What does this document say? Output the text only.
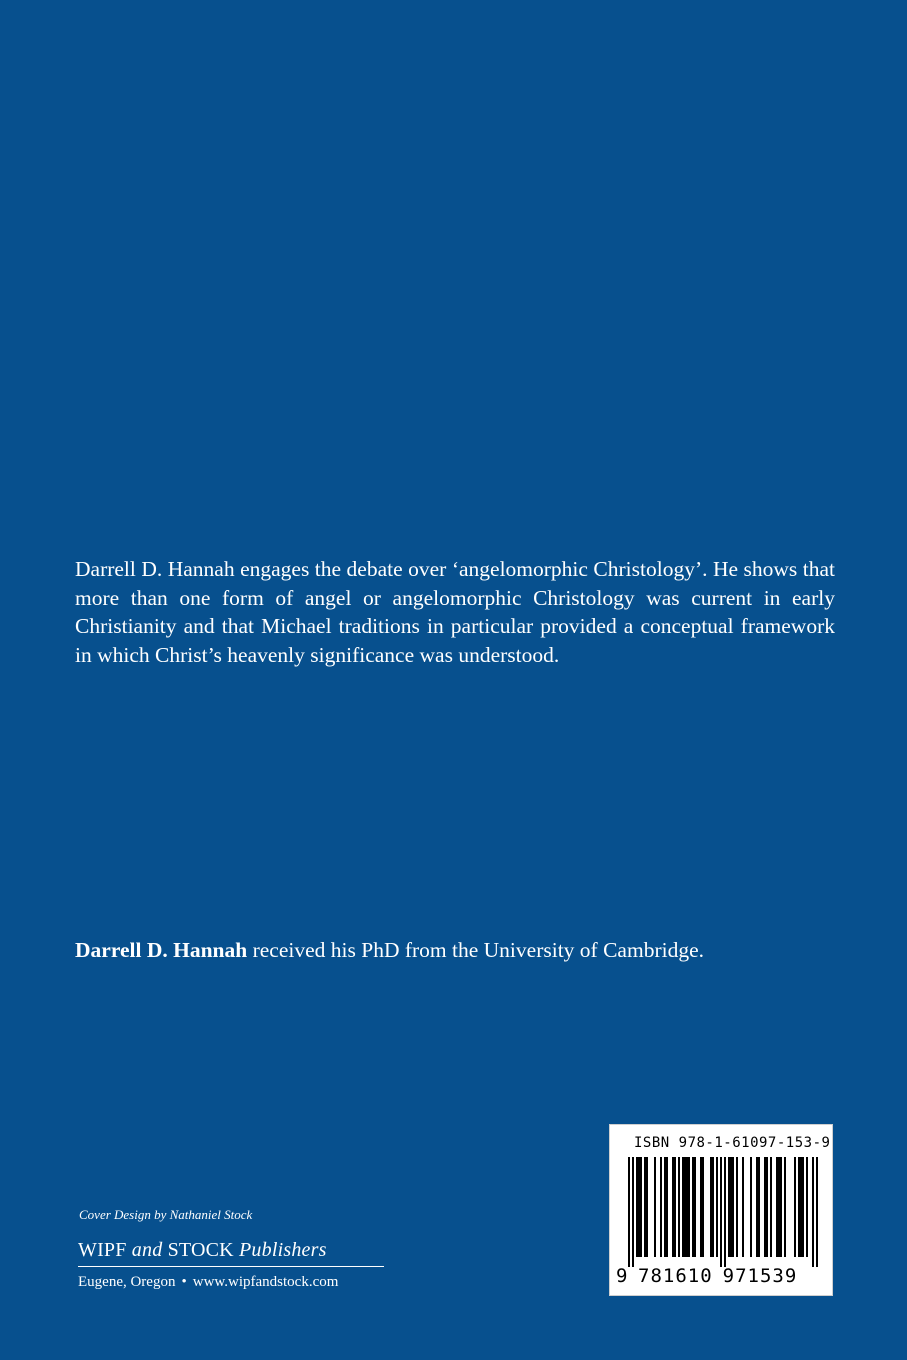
Darrell D. Hannah engages the debate over ‘angelomorphic Christology’. He shows that more than one form of angel or angelomorphic Christology was current in early Christianity and that Michael traditions in particular provided a conceptual framework in which Christ’s heavenly significance was understood.
Darrell D. Hannah received his PhD from the University of Cambridge.
Cover Design by Nathaniel Stock
WIPF and STOCK Publishers
Eugene, Oregon • www.wipfandstock.com
ISBN 978-1-61097-153-9
9 781610 971539
